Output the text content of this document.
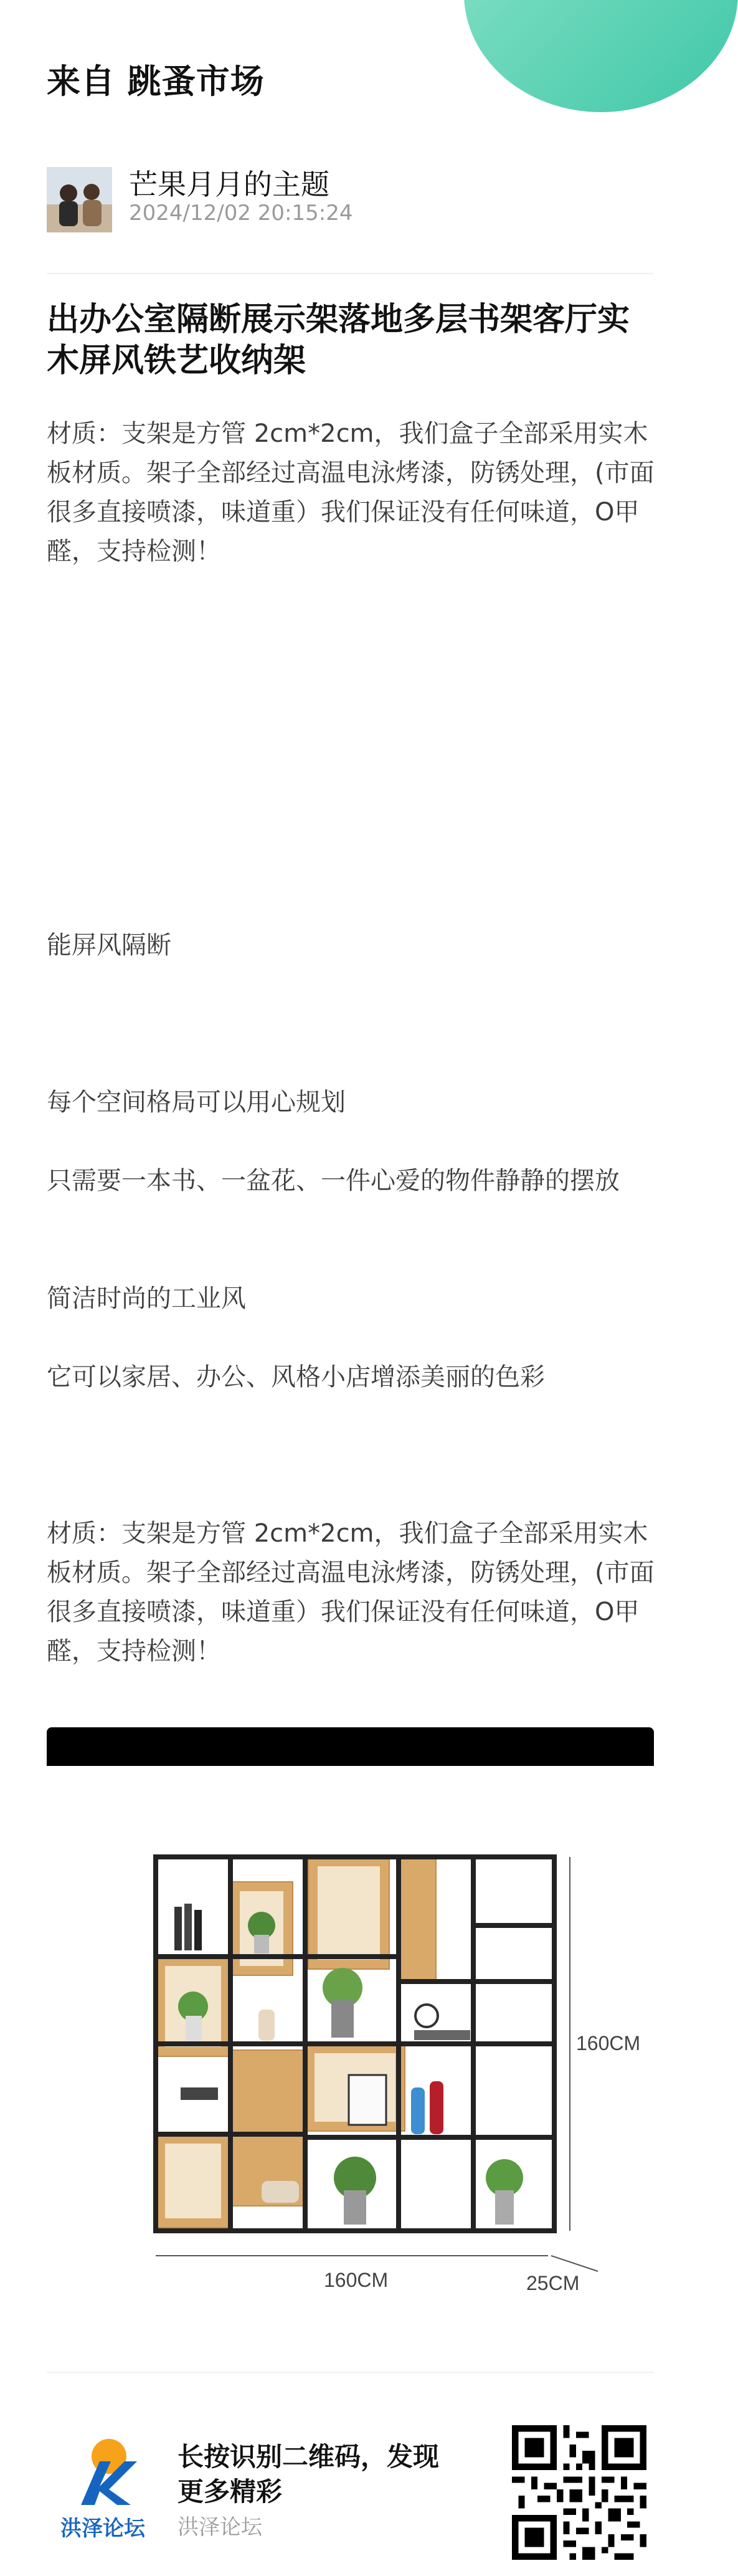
来自 跳蚤市场
芒果月月的主题
2024/12/02 20:15:24
出办公室隔断展示架落地多层书架客厅实木屏风铁艺收纳架

材质：支架是方管 2cm*2cm，我们盒子全部采用实木板材质。架子全部经过高温电泳烤漆，防锈处理，(市面很多直接喷漆，味道重）我们保证没有任何味道，O甲醛，支持检测！

能屏风隔断

每个空间格局可以用心规划

只需要一本书、一盆花、一件心爱的物件静静的摆放

简洁时尚的工业风

它可以家居、办公、风格小店增添美丽的色彩

材质：支架是方管 2cm*2cm，我们盒子全部采用实木板材质。架子全部经过高温电泳烤漆，防锈处理，(市面很多直接喷漆，味道重）我们保证没有任何味道，O甲醛，支持检测！

160CM
160CM	25CM
洪泽论坛
长按识别二维码，发现更多精彩
洪泽论坛
